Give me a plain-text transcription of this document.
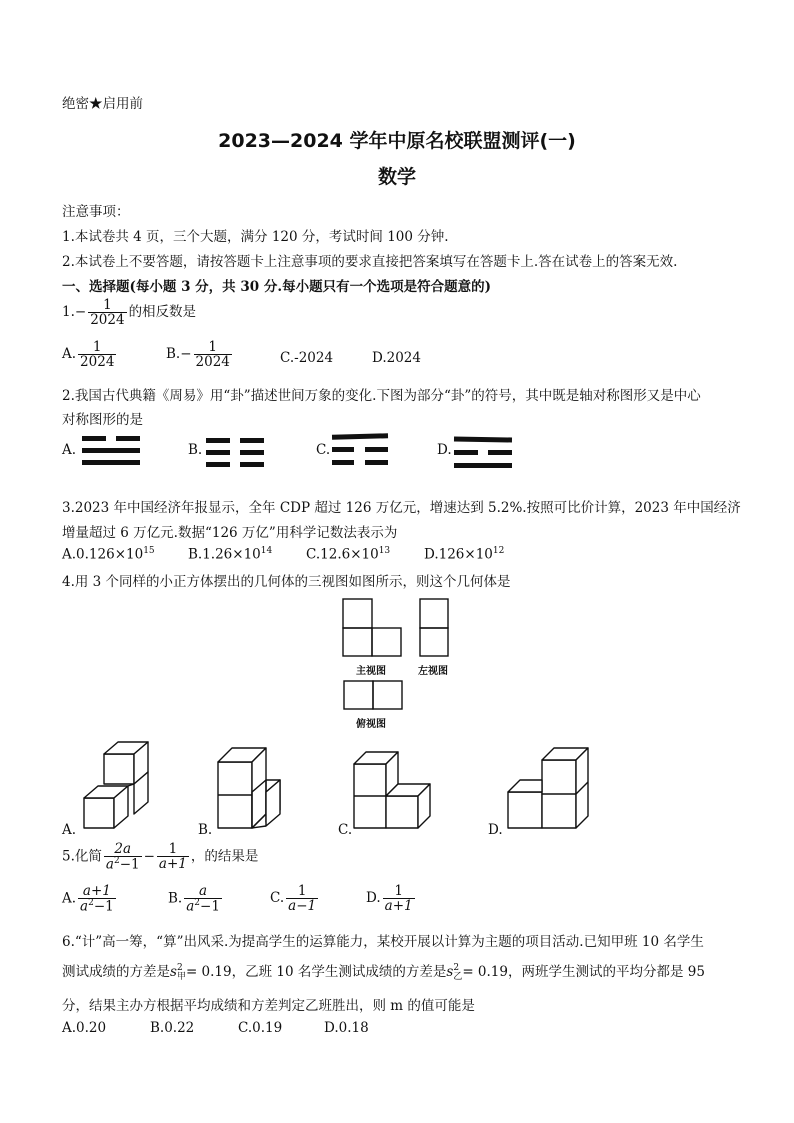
绝密★启用前
2023—2024 学年中原名校联盟测评(一)
数学
注意事项：
1.本试卷共 4 页，三个大题，满分 120 分，考试时间 100 分钟.
2.本试卷上不要答题，请按答题卡上注意事项的要求直接把答案填写在答题卡上.答在试卷上的答案无效.
一、选择题(每小题 3 分，共 30 分.每小题只有一个选项是符合题意的)
$1.- \frac{1}{2024}$ 的相反数是
A. $\frac{1}{2024}$	$B.- \frac{1}{2024}$	C.-2024	D.2024
2.我国古代典籍《周易》用“卦”描述世间万象的变化.下图为部分“卦”的符号，其中既是轴对称图形又是中心
对称图形的是
A.	B.	C.	D.
3.2023 年中国经济年报显示，全年 CDP 超过 126 万亿元，增速达到 5.2%.按照可比价计算，2023 年中国经济
增量超过 6 万亿元.数据“126 万亿”用科学记数法表示为
$A.0.126\times 10^{15}$ $B.1.26\times 10^{14}$	$C.12.6\times 10^{13}$	$D.126\times 10^{12}$
4.用 3 个同样的小正方体摆出的几何体的三视图如图所示，则这个几何体是
主视图	左视图
俯视图
A.	B.	C.	D.
5.化简 $\frac{2a}{a^2-1} - \frac{1}{a+1}$ ，的结果是
A. $\frac{a+1}{a^2-1}$	B. $\frac{a}{a^2-1}$	C. $\frac{1}{a-1}$	D. $\frac{1}{a+1}$
6.“计”高一筹，“算”出风采.为提高学生的运算能力，某校开展以计算为主题的项目活动.已知甲班 10 名学生
测试成绩的方差是s 2
甲 = 0.19，乙班 10 名学生测试成绩的方差是s 2
乙 = 0.19，两班学生测试的平均分都是 95
分，结果主办方根据平均成绩和方差判定乙班胜出，则 m 的值可能是
A.0.20	B.0.22	C.0.19	D.0.18
